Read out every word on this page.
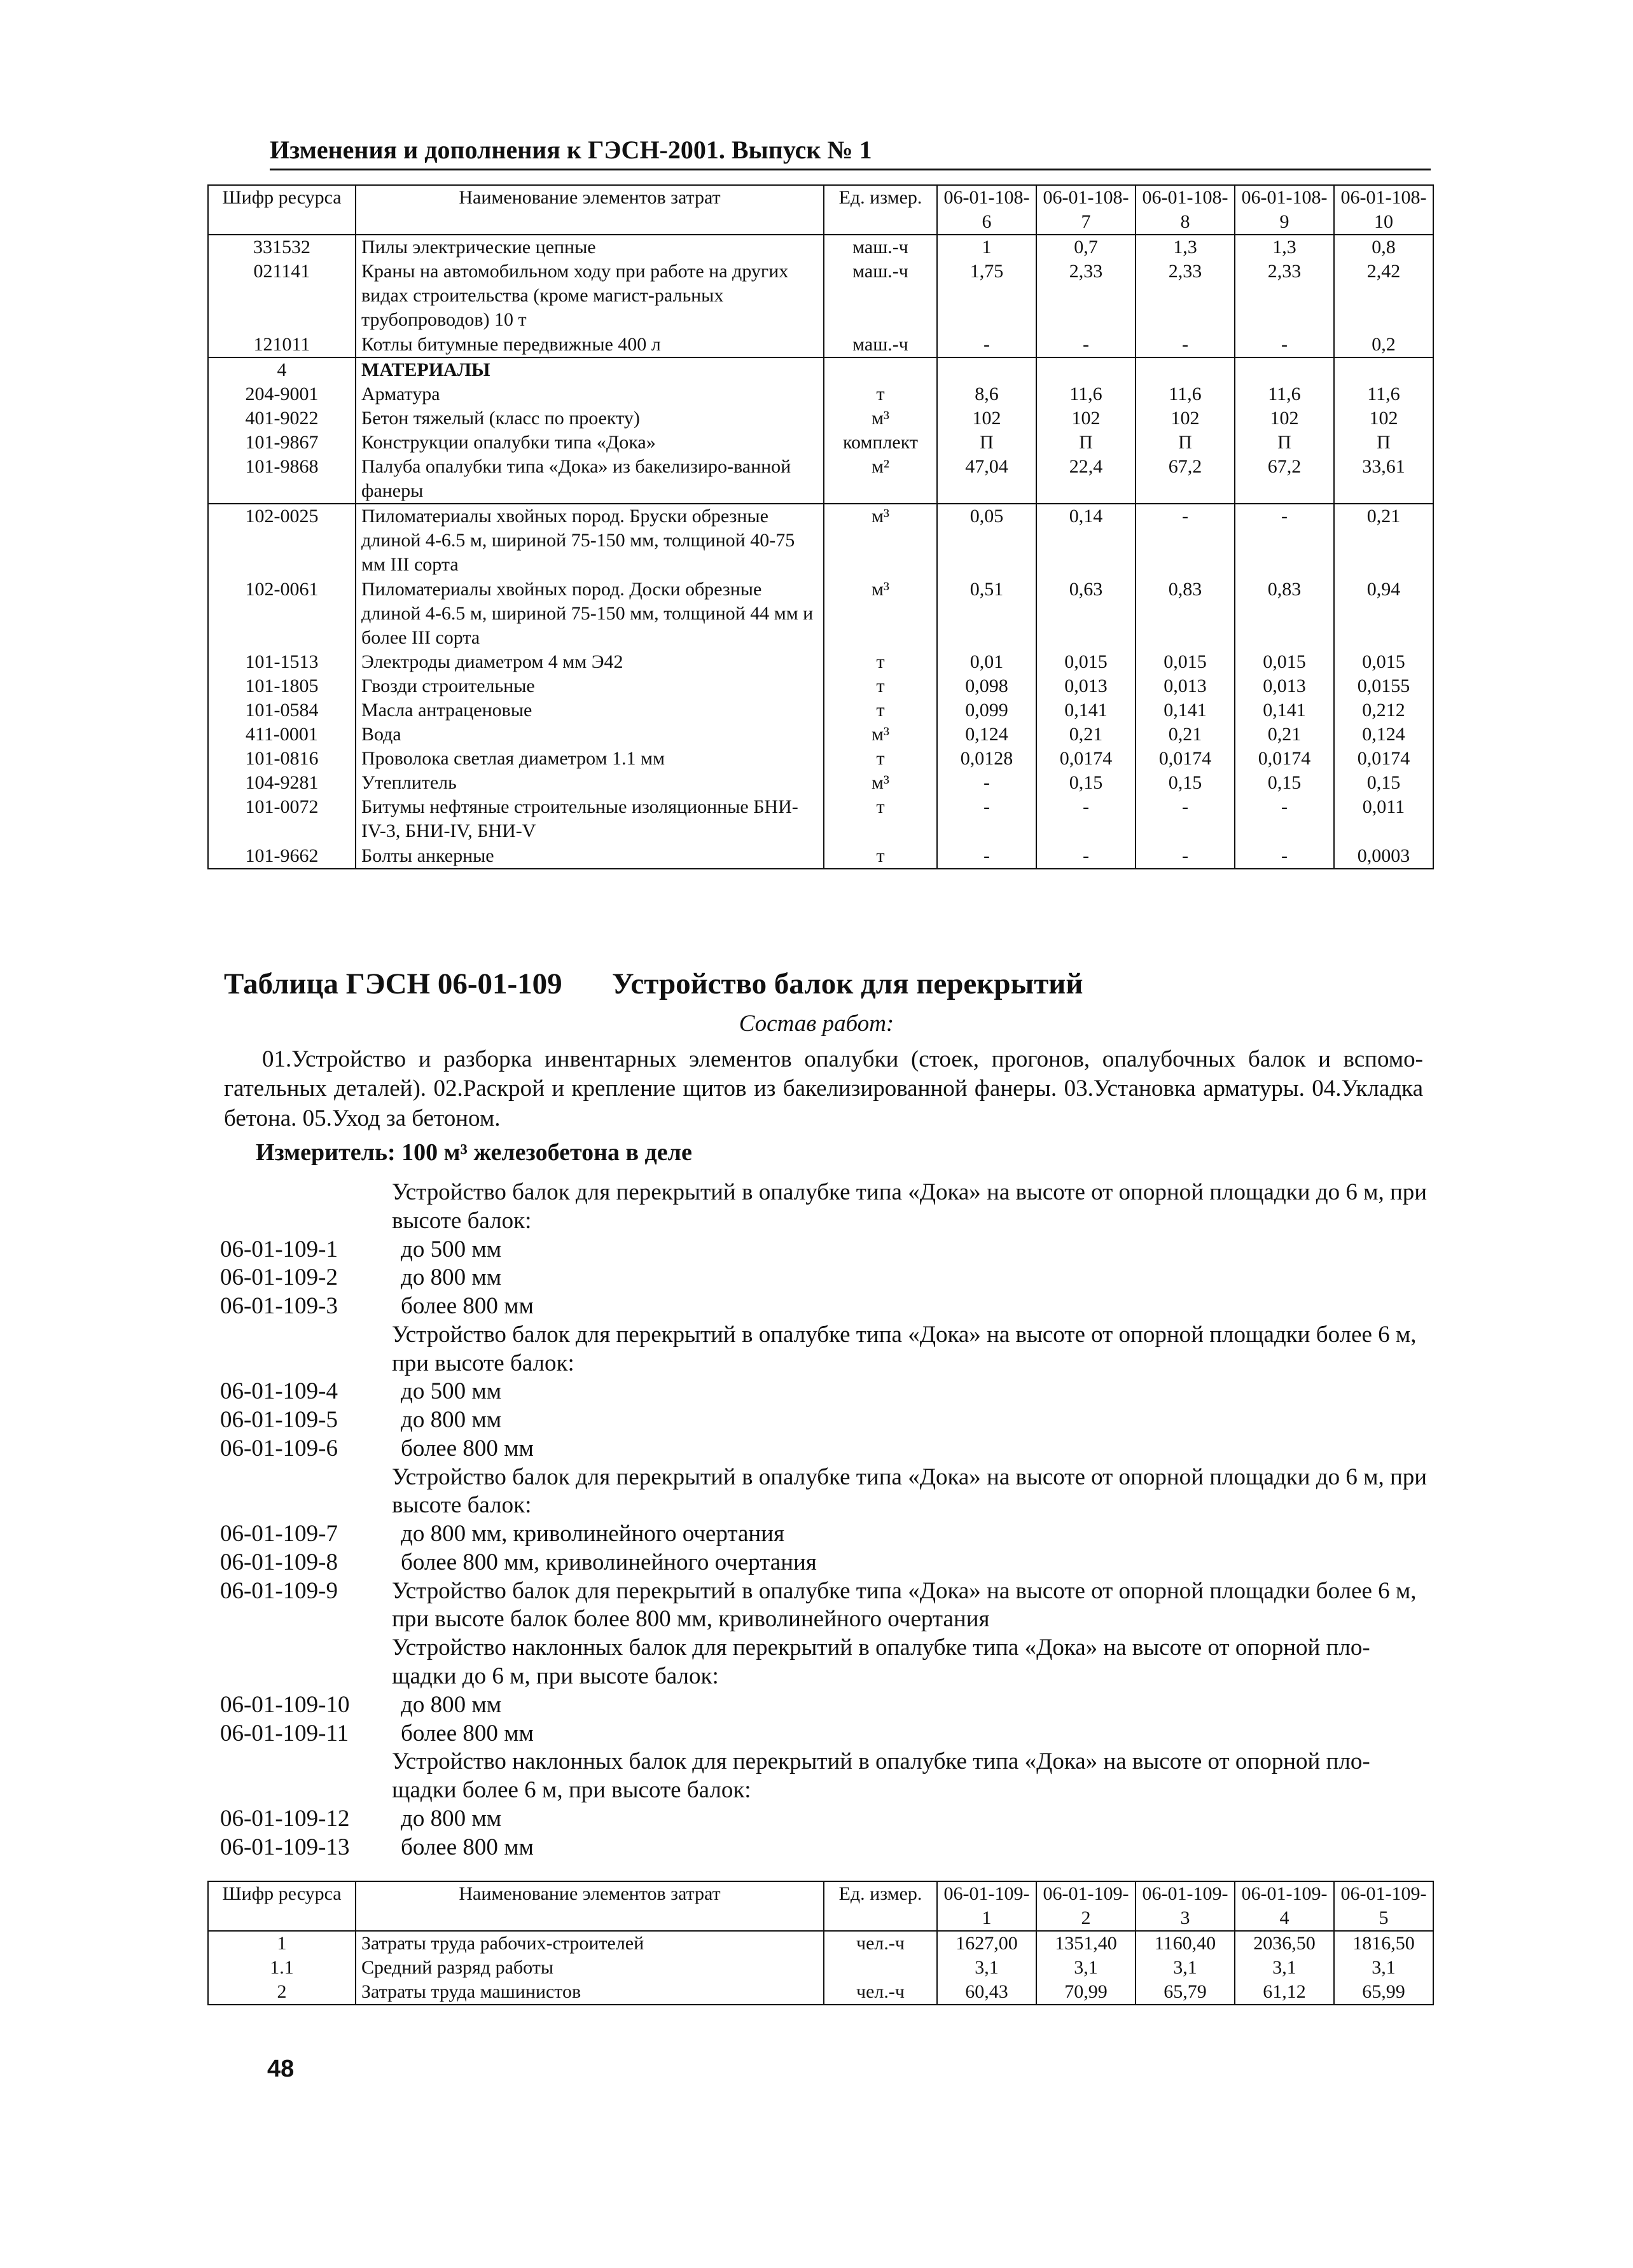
Изменения и дополнения к ГЭСН-2001. Выпуск № 1
Шифр ресурса	Наименование элементов затрат	Ед. измер.	06-01-108-6	06-01-108-7	06-01-108-8	06-01-108-9	06-01-108-10
331532	Пилы электрические цепные	маш.-ч	1	0,7	1,3	1,3	0,8
021141	Краны на автомобильном ходу при работе на других видах строительства (кроме магист-ральных трубопроводов) 10 т	маш.-ч	1,75	2,33	2,33	2,33	2,42
121011	Котлы битумные передвижные 400 л	маш.-ч	-	-	-	-	0,2
4	МАТЕРИАЛЫ						
204-9001	Арматура	т	8,6	11,6	11,6	11,6	11,6
401-9022	Бетон тяжелый (класс по проекту)	м³	102	102	102	102	102
101-9867	Конструкции опалубки типа «Дока»	комплект	П	П	П	П	П
101-9868	Палуба опалубки типа «Дока» из бакелизиро-ванной фанеры	м²	47,04	22,4	67,2	67,2	33,61
102-0025	Пиломатериалы хвойных пород. Бруски обрезные длиной 4-6.5 м, шириной 75-150 мм, толщиной 40-75 мм III сорта	м³	0,05	0,14	-	-	0,21
102-0061	Пиломатериалы хвойных пород. Доски обрезные длиной 4-6.5 м, шириной 75-150 мм, толщиной 44 мм и более III сорта	м³	0,51	0,63	0,83	0,83	0,94
101-1513	Электроды диаметром 4 мм Э42	т	0,01	0,015	0,015	0,015	0,015
101-1805	Гвозди строительные	т	0,098	0,013	0,013	0,013	0,0155
101-0584	Масла антраценовые	т	0,099	0,141	0,141	0,141	0,212
411-0001	Вода	м³	0,124	0,21	0,21	0,21	0,124
101-0816	Проволока светлая диаметром 1.1 мм	т	0,0128	0,0174	0,0174	0,0174	0,0174
104-9281	Утеплитель	м³	-	0,15	0,15	0,15	0,15
101-0072	Битумы нефтяные строительные изоляционные БНИ-IV-3, БНИ-IV, БНИ-V	т	-	-	-	-	0,011
101-9662	Болты анкерные	т	-	-	-	-	0,0003
Таблица ГЭСН 06-01-109 Устройство балок для перекрытий
Состав работ:
01.Устройство и разборка инвентарных элементов опалубки (стоек, прогонов, опалубочных балок и вспомо-гательных деталей). 02.Раскрой и крепление щитов из бакелизированной фанеры. 03.Установка арматуры. 04.Укладка бетона. 05.Уход за бетоном.
Измеритель: 100 м³ железобетона в деле
Устройство балок для перекрытий в опалубке типа «Дока» на высоте от опорной площадки до 6 м, при высоте балок:
06-01-109-1	до 500 мм
06-01-109-2	до 800 мм
06-01-109-3	более 800 мм
Устройство балок для перекрытий в опалубке типа «Дока» на высоте от опорной площадки более 6 м, при высоте балок:
06-01-109-4	до 500 мм
06-01-109-5	до 800 мм
06-01-109-6	более 800 мм
Устройство балок для перекрытий в опалубке типа «Дока» на высоте от опорной площадки до 6 м, при высоте балок:
06-01-109-7	до 800 мм, криволинейного очертания
06-01-109-8	более 800 мм, криволинейного очертания
06-01-109-9	Устройство балок для перекрытий в опалубке типа «Дока» на высоте от опорной площадки более 6 м, при высоте балок более 800 мм, криволинейного очертания
Устройство наклонных балок для перекрытий в опалубке типа «Дока» на высоте от опорной пло-щадки до 6 м, при высоте балок:
06-01-109-10	до 800 мм
06-01-109-11	более 800 мм
Устройство наклонных балок для перекрытий в опалубке типа «Дока» на высоте от опорной пло-щадки более 6 м, при высоте балок:
06-01-109-12	до 800 мм
06-01-109-13	более 800 мм
Шифр ресурса	Наименование элементов затрат	Ед. измер.	06-01-109-1	06-01-109-2	06-01-109-3	06-01-109-4	06-01-109-5
1	Затраты труда рабочих-строителей	чел.-ч	1627,00	1351,40	1160,40	2036,50	1816,50
1.1	Средний разряд работы		3,1	3,1	3,1	3,1	3,1
2	Затраты труда машинистов	чел.-ч	60,43	70,99	65,79	61,12	65,99
48
